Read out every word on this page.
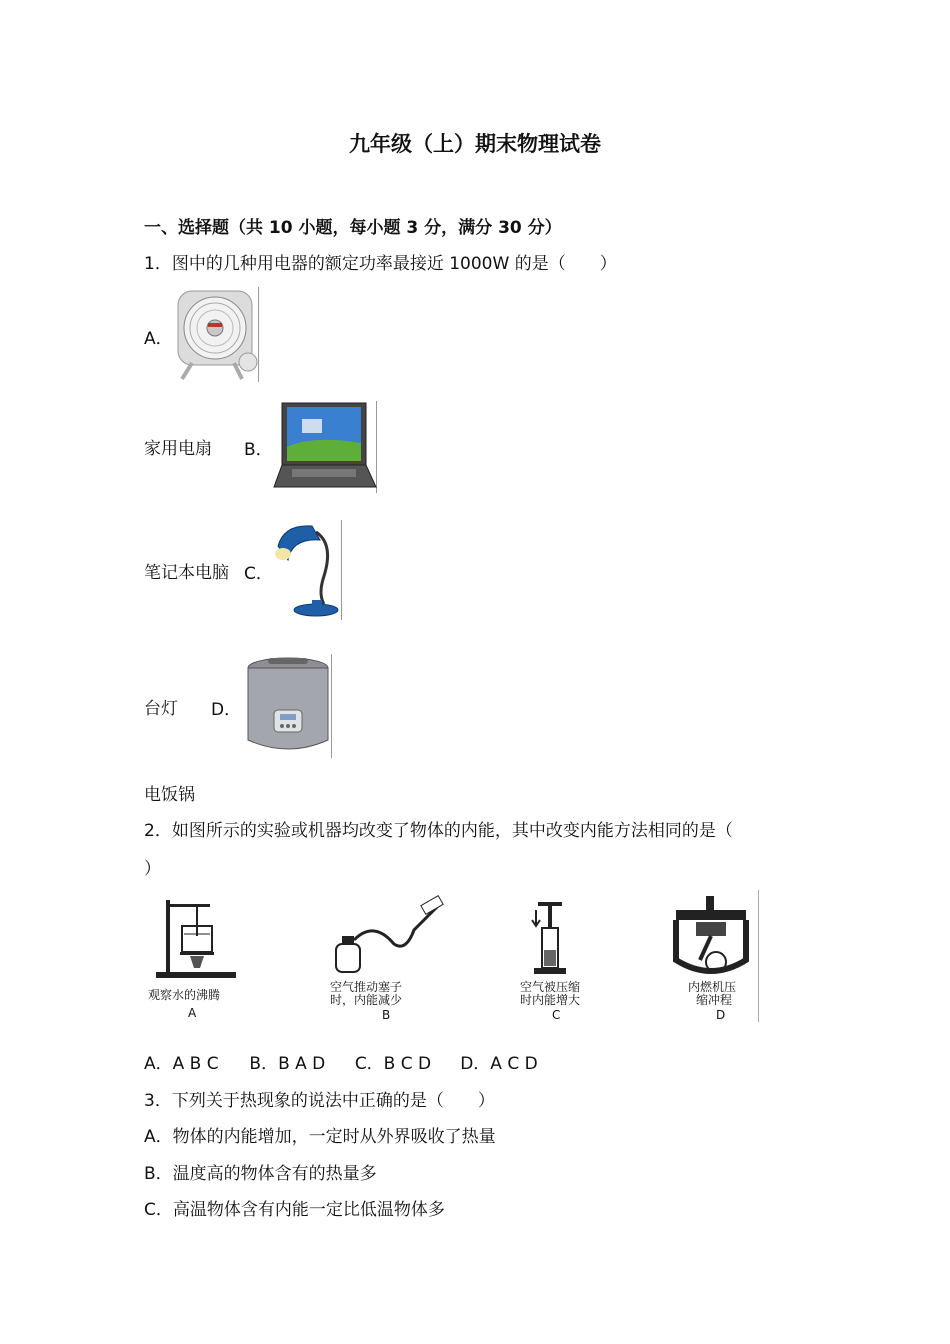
九年级（上）期末物理试卷
一、选择题（共 10 小题，每小题 3 分，满分 30 分）
1．图中的几种用电器的额定功率最接近 1000W 的是（　　）
A．
家用电扇 B．
笔记本电脑 C．
台灯 D．
电饭锅
2．如图所示的实验或机器均改变了物体的内能，其中改变内能方法相同的是（
）
观察水的沸腾
A
空气推动塞子
时，内能减少
B
空气被压缩
时内能增大
C
内燃机压
缩冲程
D
A．A B C B．B A D C．B C D D．A C D
3．下列关于热现象的说法中正确的是（　　）
A．物体的内能增加，一定时从外界吸收了热量
B．温度高的物体含有的热量多
C．高温物体含有内能一定比低温物体多
